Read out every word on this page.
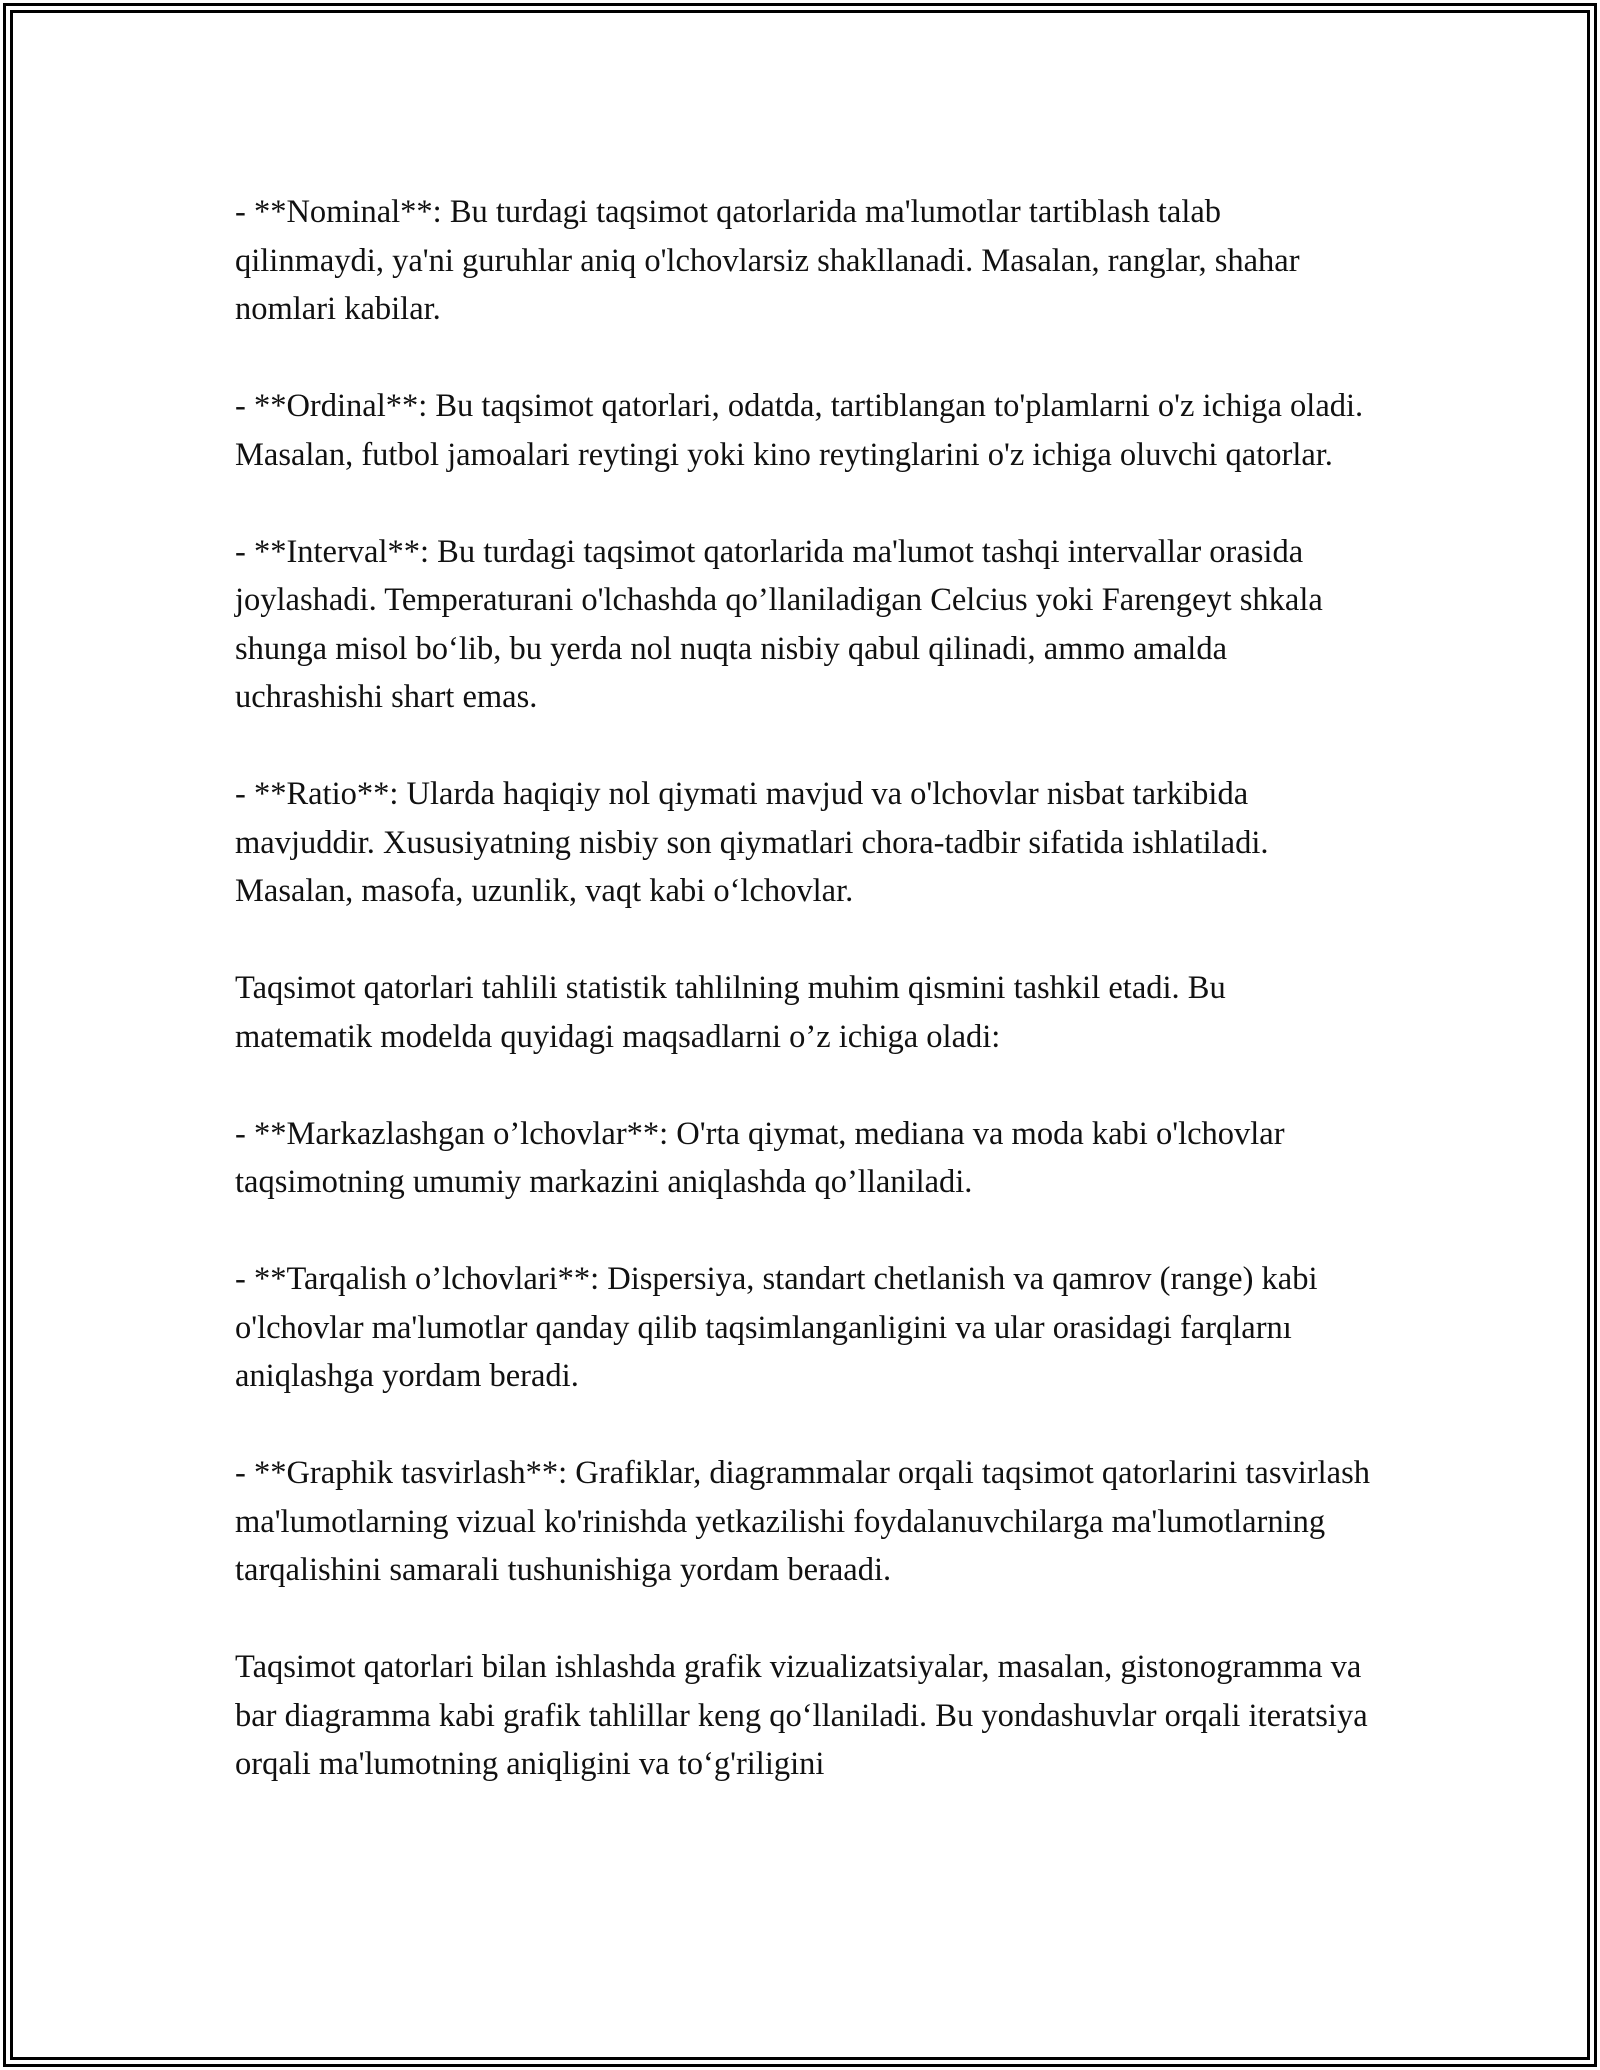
- **Nominal**: Bu turdagi taqsimot qatorlarida ma'lumotlar tartiblash talab qilinmaydi, ya'ni guruhlar aniq o'lchovlarsiz shakllanadi. Masalan, ranglar, shahar nomlari kabilar.

- **Ordinal**: Bu taqsimot qatorlari, odatda, tartiblangan to'plamlarni o'z ichiga oladi. Masalan, futbol jamoalari reytingi yoki kino reytinglarini o'z ichiga oluvchi qatorlar.

- **Interval**: Bu turdagi taqsimot qatorlarida ma'lumot tashqi intervallar orasida joylashadi. Temperaturani o'lchashda qo’llaniladigan Celcius yoki Farengeyt shkala shunga misol bo‘lib, bu yerda nol nuqta nisbiy qabul qilinadi, ammo amalda uchrashishi shart emas.

- **Ratio**: Ularda haqiqiy nol qiymati mavjud va o'lchovlar nisbat tarkibida mavjuddir. Xususiyatning nisbiy son qiymatlari chora-tadbir sifatida ishlatiladi. Masalan, masofa, uzunlik, vaqt kabi o‘lchovlar.

Taqsimot qatorlari tahlili statistik tahlilning muhim qismini tashkil etadi. Bu matematik modelda quyidagi maqsadlarni o’z ichiga oladi:

- **Markazlashgan o’lchovlar**: O'rta qiymat, mediana va moda kabi o'lchovlar taqsimotning umumiy markazini aniqlashda qo’llaniladi.

- **Tarqalish o’lchovlari**: Dispersiya, standart chetlanish va qamrov (range) kabi o'lchovlar ma'lumotlar qanday qilib taqsimlanganligini va ular orasidagi farqlarnı aniqlashga yordam beradi.

- **Graphik tasvirlash**: Grafiklar, diagrammalar orqali taqsimot qatorlarini tasvirlash ma'lumotlarning vizual ko'rinishda yetkazilishi foydalanuvchilarga ma'lumotlarning tarqalishini samarali tushunishiga yordam beraadi.

Taqsimot qatorlari bilan ishlashda grafik vizualizatsiyalar, masalan, gistonogramma va bar diagramma kabi grafik tahlillar keng qo‘llaniladi. Bu yondashuvlar orqali iteratsiya orqali ma'lumotning aniqligini va to‘g'riligini
